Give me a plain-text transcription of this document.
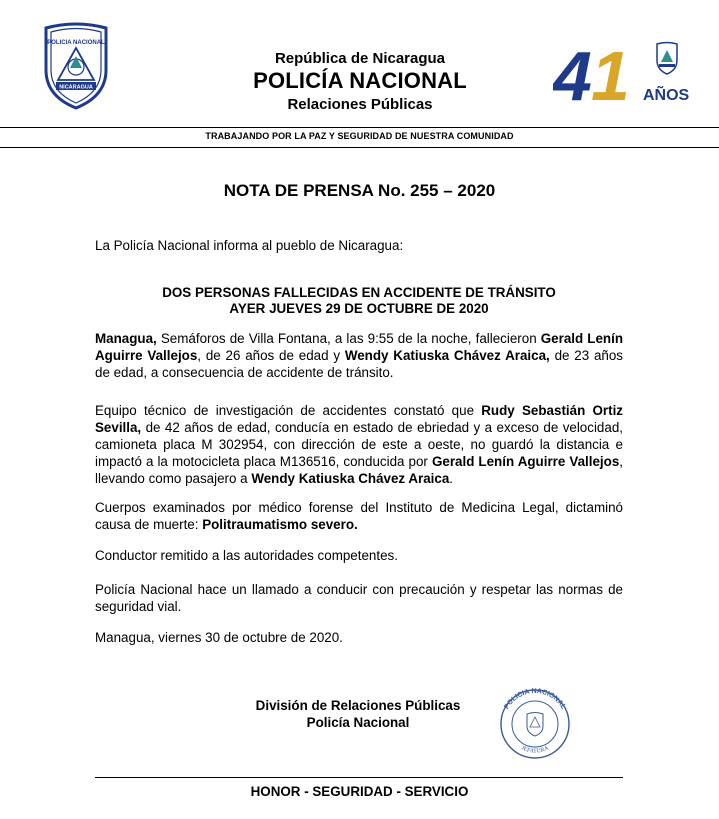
POLICIA NACIONAL
NICARAGUA
República de Nicaragua
POLICÍA NACIONAL
Relaciones Públicas	4 1 AÑOS
TRABAJANDO POR LA PAZ Y SEGURIDAD DE NUESTRA COMUNIDAD
NOTA DE PRENSA No. 255 – 2020
La Policía Nacional informa al pueblo de Nicaragua:
DOS PERSONAS FALLECIDAS EN ACCIDENTE DE TRÁNSITO
AYER JUEVES 29 DE OCTUBRE DE 2020
Managua, Semáforos de Villa Fontana, a las 9:55 de la noche, fallecieron Gerald Lenín Aguirre Vallejos, de 26 años de edad y Wendy Katiuska Chávez Araica, de 23 años de edad, a consecuencia de accidente de tránsito.
Equipo técnico de investigación de accidentes constató que Rudy Sebastián Ortiz Sevilla, de 42 años de edad, conducía en estado de ebriedad y a exceso de velocidad, camioneta placa M 302954, con dirección de este a oeste, no guardó la distancia e impactó a la motocicleta placa M136516, conducida por Gerald Lenín Aguirre Vallejos, llevando como pasajero a Wendy Katiuska Chávez Araica.
Cuerpos examinados por médico forense del Instituto de Medicina Legal, dictaminó causa de muerte: Politraumatismo severo.
Conductor remitido a las autoridades competentes.
Policía Nacional hace un llamado a conducir con precaución y respetar las normas de seguridad vial.
Managua, viernes 30 de octubre de 2020.
División de Relaciones Públicas
Policía Nacional
POLICIA NACIONAL
JEFATURA
HONOR - SEGURIDAD - SERVICIO
